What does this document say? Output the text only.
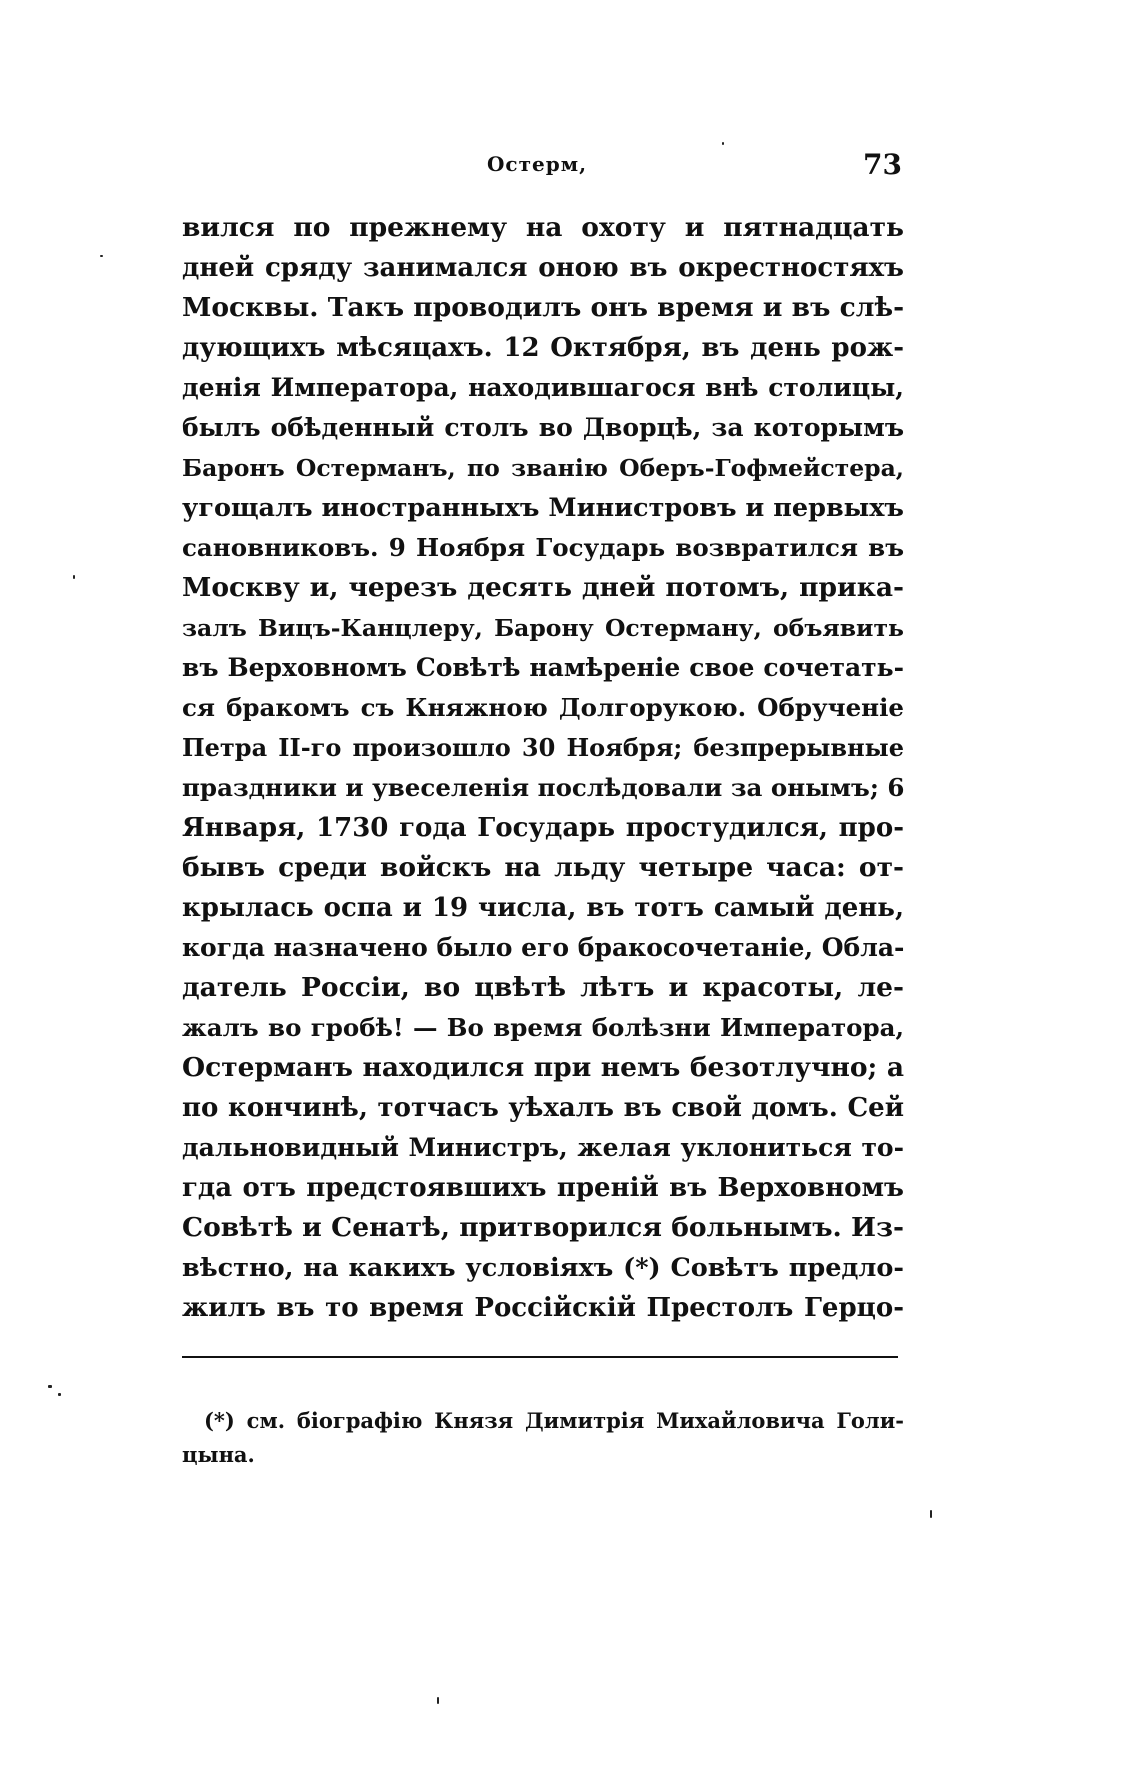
Остерм,	73
вился по прежнему на охоту и пятнадцать
дней сряду занимался оною въ окрестностяхъ
Москвы. Такъ проводилъ онъ время и въ слѣ-
дующихъ мѣсяцахъ. 12 Октября, въ день рож-
денія Императора, находившагося внѣ столицы,
былъ обѣденный столъ во Дворцѣ, за которымъ
Баронъ Остерманъ, по званію Оберъ-Гофмейстера,
угощалъ иностранныхъ Министровъ и первыхъ
сановниковъ. 9 Ноября Государь возвратился въ
Москву и, черезъ десять дней потомъ, прика-
залъ Вицъ-Канцлеру, Барону Остерману, объявить
въ Верховномъ Совѣтѣ намѣреніе свое сочетать-
ся бракомъ съ Княжною Долгорукою. Обрученіе
Петра II-го произошло 30 Ноября; безпрерывные
праздники и увеселенія послѣдовали за онымъ; 6
Января, 1730 года Государь простудился, про-
бывъ среди войскъ на льду четыре часа: от-
крылась оспа и 19 числа, въ тотъ самый день,
когда назначено было его бракосочетаніе, Обла-
датель Россіи, во цвѣтѣ лѣтъ и красоты, ле-
жалъ во гробѣ! — Во время болѣзни Императора,
Остерманъ находился при немъ безотлучно; а
по кончинѣ, тотчасъ уѣхалъ въ свой домъ. Сей
дальновидный Министръ, желая уклониться то-
гда отъ предстоявшихъ преній въ Верховномъ
Совѣтѣ и Сенатѣ, притворился больнымъ. Из-
вѣстно, на какихъ условіяхъ (*) Совѣтъ предло-
жилъ въ то время Россійскій Престолъ Герцо-
(*) см. біографію Князя Димитрія Михайловича Голи-
цына.
